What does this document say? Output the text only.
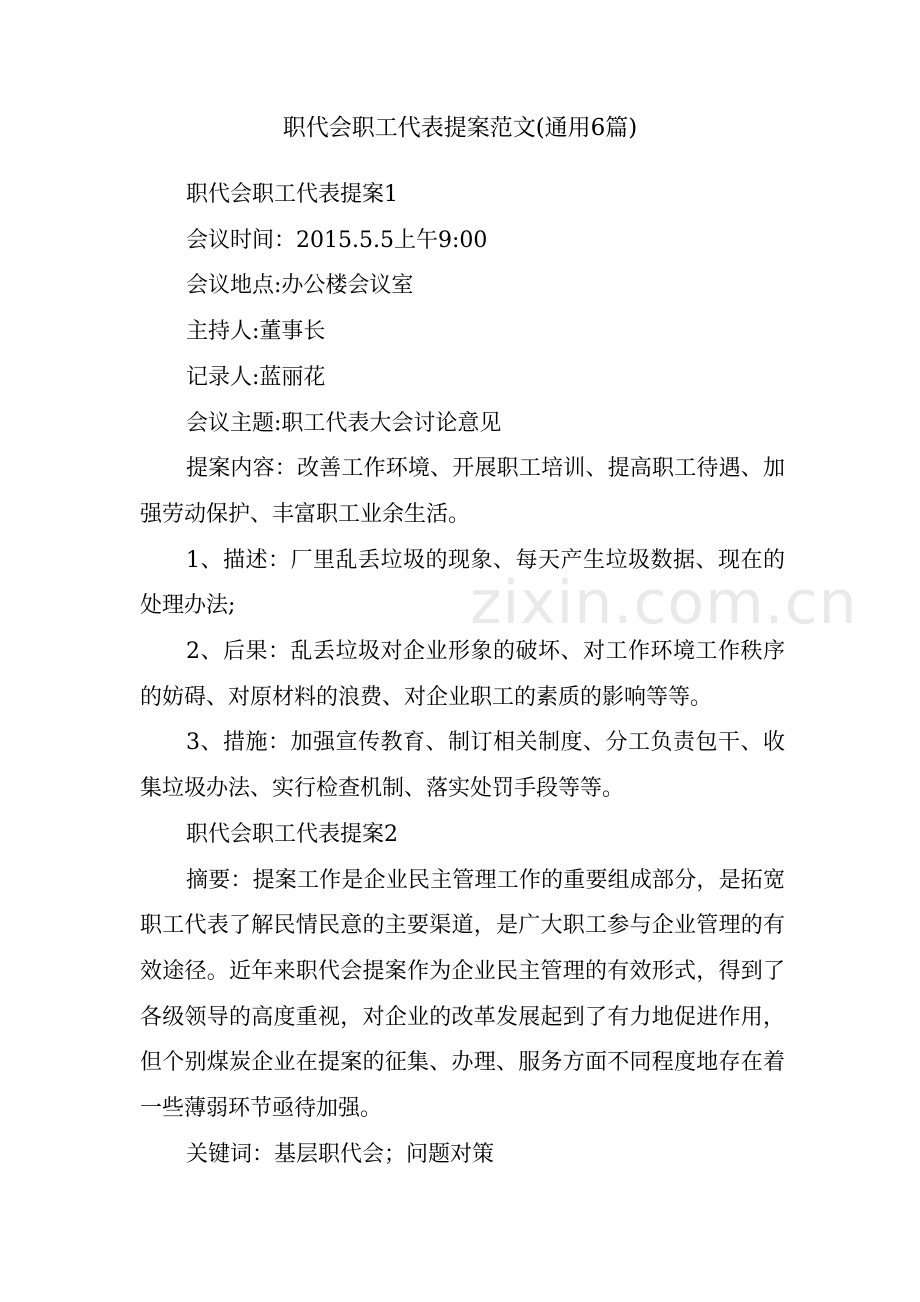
zixin.com.cn
职代会职工代表提案范文(通用6篇)

职代会职工代表提案1

会议时间：2015.5.5上午9:00

会议地点:办公楼会议室

主持人:董事长

记录人:蓝丽花

会议主题:职工代表大会讨论意见

提案内容：改善工作环境、开展职工培训、提高职工待遇、加强劳动保护、丰富职工业余生活。

1、描述：厂里乱丢垃圾的现象、每天产生垃圾数据、现在的处理办法;

2、后果：乱丢垃圾对企业形象的破坏、对工作环境工作秩序的妨碍、对原材料的浪费、对企业职工的素质的影响等等。

3、措施：加强宣传教育、制订相关制度、分工负责包干、收集垃圾办法、实行检查机制、落实处罚手段等等。

职代会职工代表提案2

摘要：提案工作是企业民主管理工作的重要组成部分，是拓宽职工代表了解民情民意的主要渠道，是广大职工参与企业管理的有效途径。近年来职代会提案作为企业民主管理的有效形式，得到了各级领导的高度重视，对企业的改革发展起到了有力地促进作用，但个别煤炭企业在提案的征集、办理、服务方面不同程度地存在着一些薄弱环节亟待加强。

关键词：基层职代会；问题对策
